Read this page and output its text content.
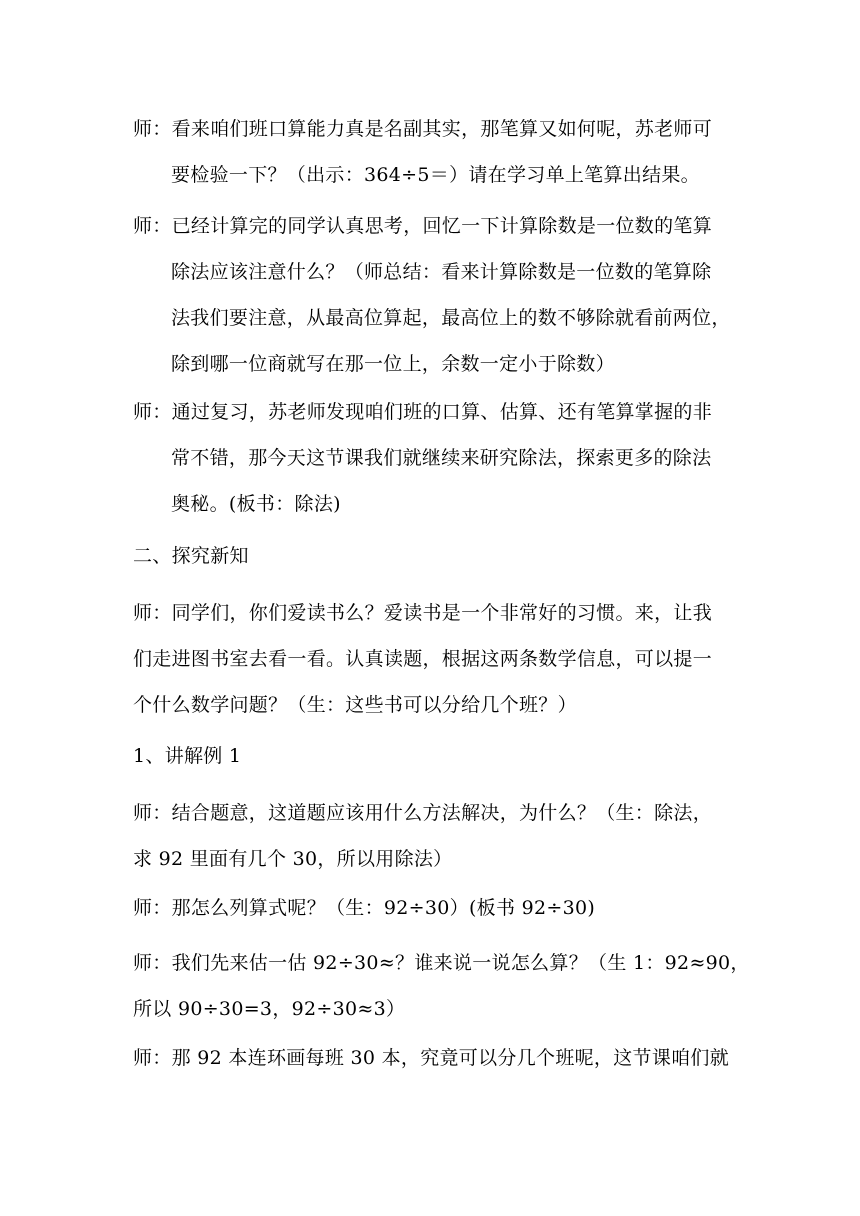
师：看来咱们班口算能力真是名副其实，那笔算又如何呢，苏老师可
要检验一下？（出示：364÷5＝）请在学习单上笔算出结果。

师：已经计算完的同学认真思考，回忆一下计算除数是一位数的笔算
除法应该注意什么？（师总结：看来计算除数是一位数的笔算除
法我们要注意，从最高位算起，最高位上的数不够除就看前两位，
除到哪一位商就写在那一位上，余数一定小于除数）

师：通过复习，苏老师发现咱们班的口算、估算、还有笔算掌握的非
常不错，那今天这节课我们就继续来研究除法，探索更多的除法
奥秘。(板书：除法)

二、探究新知

师：同学们，你们爱读书么？爱读书是一个非常好的习惯。来，让我
们走进图书室去看一看。认真读题，根据这两条数学信息，可以提一
个什么数学问题？（生：这些书可以分给几个班？）

1、讲解例 1

师：结合题意，这道题应该用什么方法解决，为什么？（生：除法，
求 92 里面有几个 30，所以用除法）

师：那怎么列算式呢？（生：92÷30）(板书 92÷30)

师：我们先来估一估 92÷30≈？谁来说一说怎么算？（生 1：92≈90，
所以 90÷30=3，92÷30≈3）

师：那 92 本连环画每班 30 本，究竟可以分几个班呢，这节课咱们就
